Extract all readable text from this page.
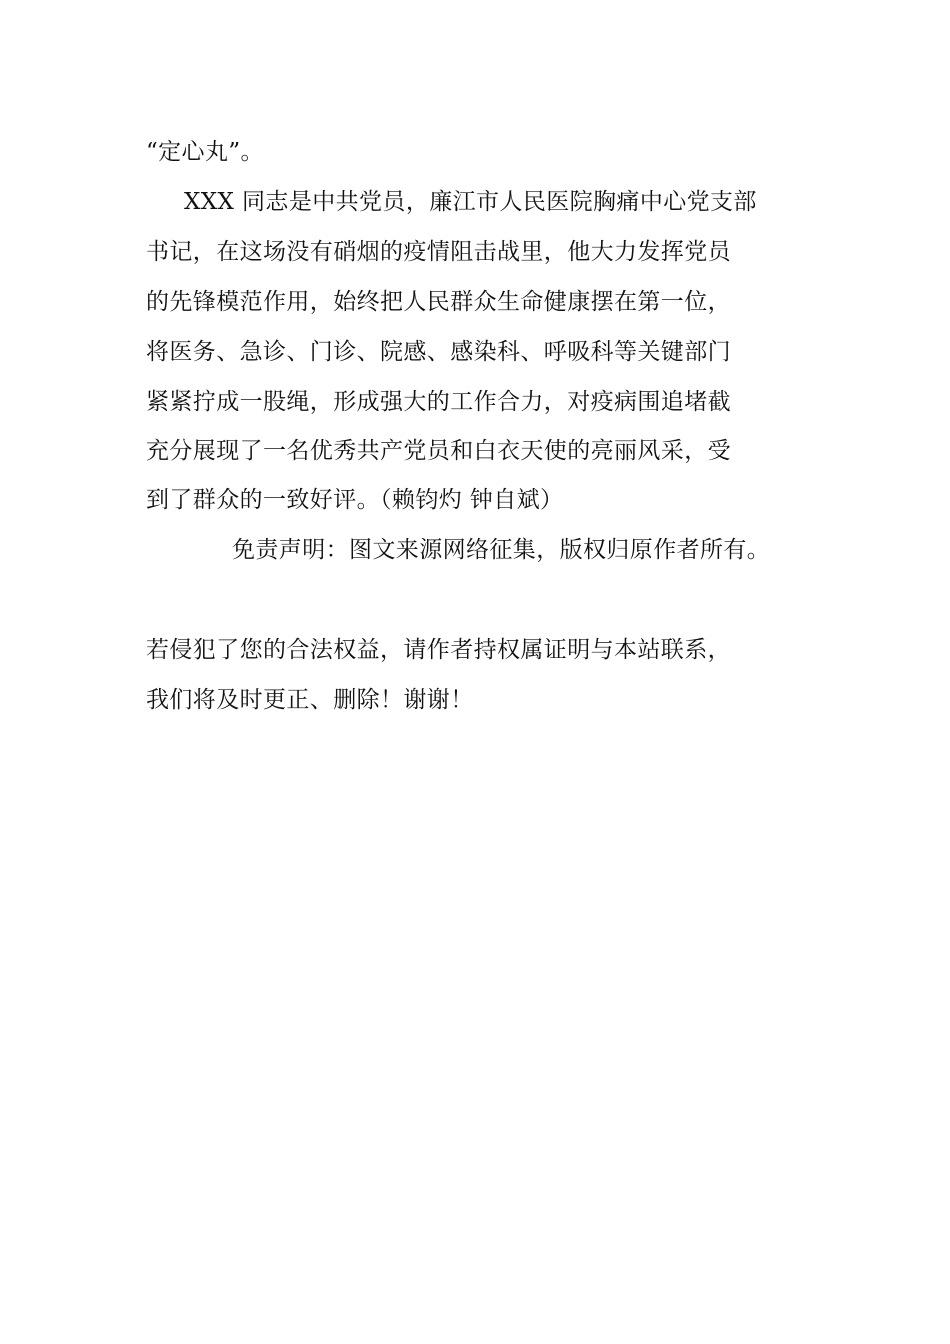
“定心丸”。
XXX 同志是中共党员，廉江市人民医院胸痛中心党支部
书记，在这场没有硝烟的疫情阻击战里，他大力发挥党员
的先锋模范作用，始终把人民群众生命健康摆在第一位，
将医务、急诊、门诊、院感、感染科、呼吸科等关键部门
紧紧拧成一股绳，形成强大的工作合力，对疫病围追堵截
充分展现了一名优秀共产党员和白衣天使的亮丽风采，受
到了群众的一致好评。（赖钧灼 钟自斌）
免责声明：图文来源网络征集，版权归原作者所有。
若侵犯了您的合法权益，请作者持权属证明与本站联系，
我们将及时更正、删除！谢谢！
